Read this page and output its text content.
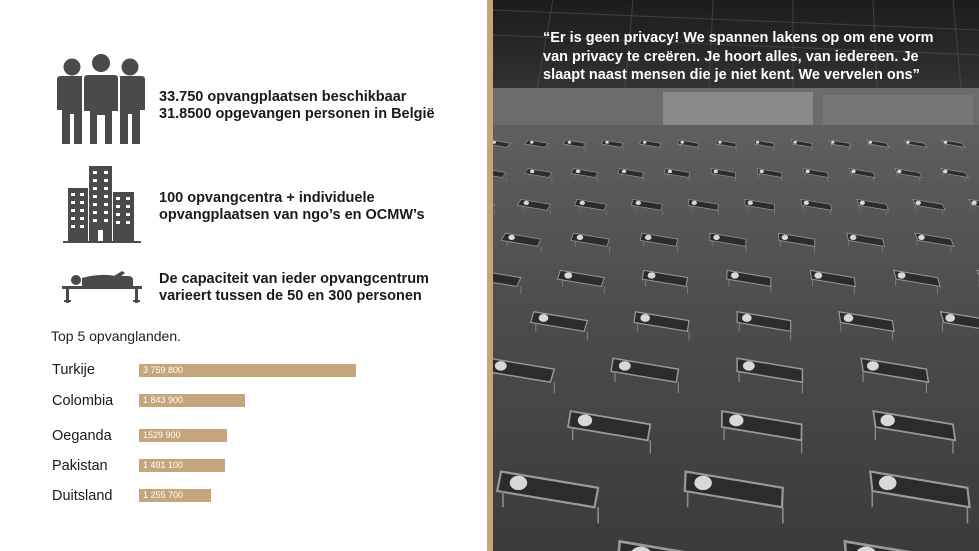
33.750 opvangplaatsen beschikbaar
31.8500 opgevangen personen in België
100 opvangcentra + individuele
opvangplaatsen van ngo’s en OCMW’s
De capaciteit van ieder opvangcentrum
varieert tussen de 50 en 300 personen
Top 5 opvanglanden.
Turkije	3 759 800
Colombia	1 843 900
Oeganda	1529 900
Pakistan	1 491 100
Duitsland	1 255 700
“Er is geen privacy! We spannen lakens op om ene vorm van privacy te creëren. Je hoort alles, van iedereen. Je slaapt naast mensen die je niet kent. We vervelen ons”
